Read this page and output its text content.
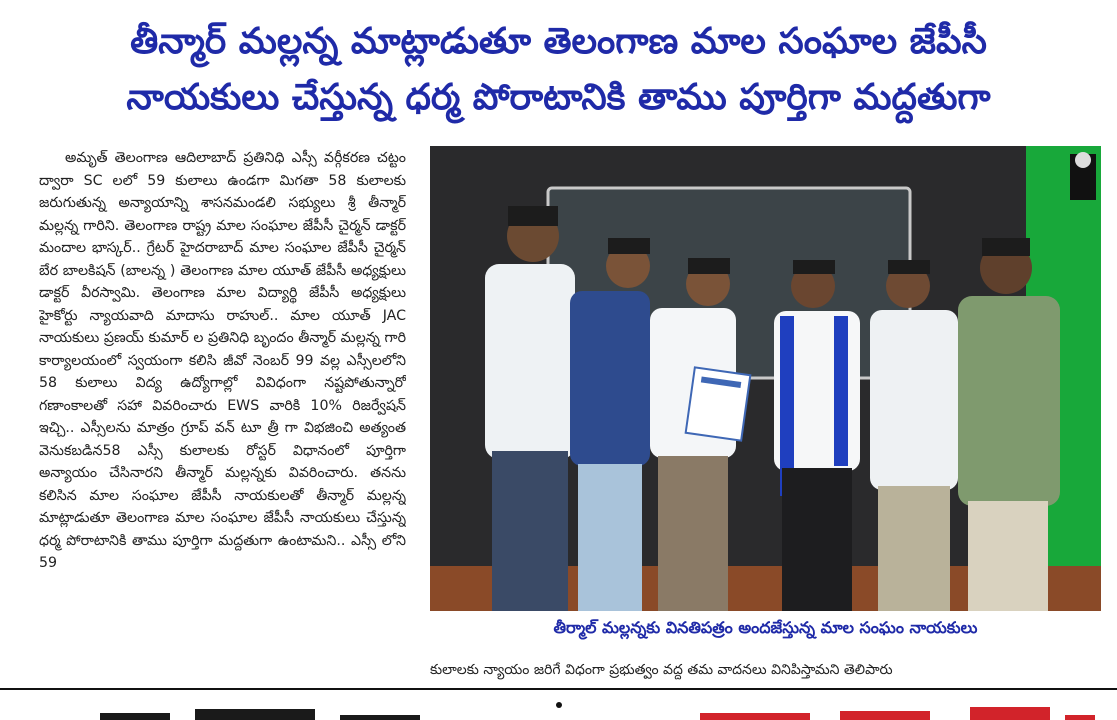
తీన్మార్ మల్లన్న మాట్లాడుతూ తెలంగాణ మాల సంఘాల జేపీసీ
నాయకులు చేస్తున్న ధర్మ పోరాటానికి తాము పూర్తిగా మద్దతుగా

అమృత్ తెలంగాణ ఆదిలాబాద్ ప్రతినిధి ఎస్సీ వర్గీకరణ చట్టం ద్వారా SC లలో 59 కులాలు ఉండగా మిగతా 58 కులాలకు జరుగుతున్న అన్యాయాన్ని శాసనమండలి సభ్యులు శ్రీ తీన్మార్ మల్లన్న గారిని. తెలంగాణ రాష్ట్ర మాల సంఘాల జేపీసీ చైర్మన్ డాక్టర్ మందాల భాస్కర్.. గ్రేటర్ హైదరాబాద్ మాల సంఘాల జేపీసీ చైర్మన్ బేర బాలకిషన్ (బాలన్న ) తెలంగాణ మాల యూత్ జేపీసీ అధ్యక్షులు డాక్టర్ వీరస్వామి. తెలంగాణ మాల విద్యార్థి జేపీసీ అధ్యక్షులు హైకోర్టు న్యాయవాది మాదాసు రాహుల్.. మాల యూత్ JAC నాయకులు ప్రణయ్ కుమార్ ల ప్రతినిధి బృందం తీన్మార్ మల్లన్న గారి కార్యాలయంలో స్వయంగా కలిసి జీవో నెంబర్ 99 వల్ల ఎస్సీలలోని 58 కులాలు విద్య ఉద్యోగాల్లో వివిధంగా నష్టపోతున్నారో గణాంకాలతో సహా వివరించారు EWS వారికి 10% రిజర్వేషన్ ఇచ్చి.. ఎస్సీలను మాత్రం గ్రూప్ వన్ టూ త్రీ గా విభజించి అత్యంత వెనుకబడిన58 ఎస్సీ కులాలకు రోస్టర్ విధానంలో పూర్తిగా అన్యాయం చేసినారని తీన్మార్ మల్లన్నకు వివరించారు. తనను కలిసిన మాల సంఘాల జేపీసీ నాయకులతో తీన్మార్ మల్లన్న మాట్లాడుతూ తెలంగాణ మాల సంఘాల జేపీసీ నాయకులు చేస్తున్న ధర్మ పోరాటానికి తాము పూర్తిగా మద్దతుగా ఉంటామని.. ఎస్సీ లోని 59

తీర్మాల్ మల్లన్నకు వినతిపత్రం అందజేస్తున్న మాల సంఘం నాయకులు
కులాలకు న్యాయం జరిగే విధంగా ప్రభుత్వం వద్ద తమ వాదనలు వినిపిస్తామని తెలిపారు
